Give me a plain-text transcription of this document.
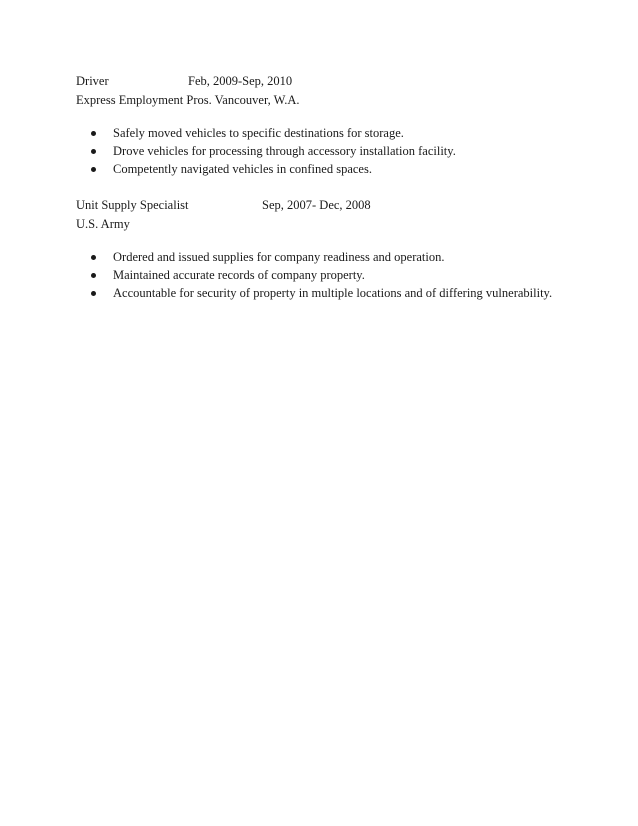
Driver	Feb, 2009-Sep, 2010
Express Employment Pros. Vancouver, W.A.
Safely moved vehicles to specific destinations for storage.
Drove vehicles for processing through accessory installation facility.
Competently navigated vehicles in confined spaces.
Unit Supply Specialist	Sep, 2007- Dec, 2008
U.S. Army
Ordered and issued supplies for company readiness and operation.
Maintained accurate records of company property.
Accountable for security of property in multiple locations and of differing vulnerability.
